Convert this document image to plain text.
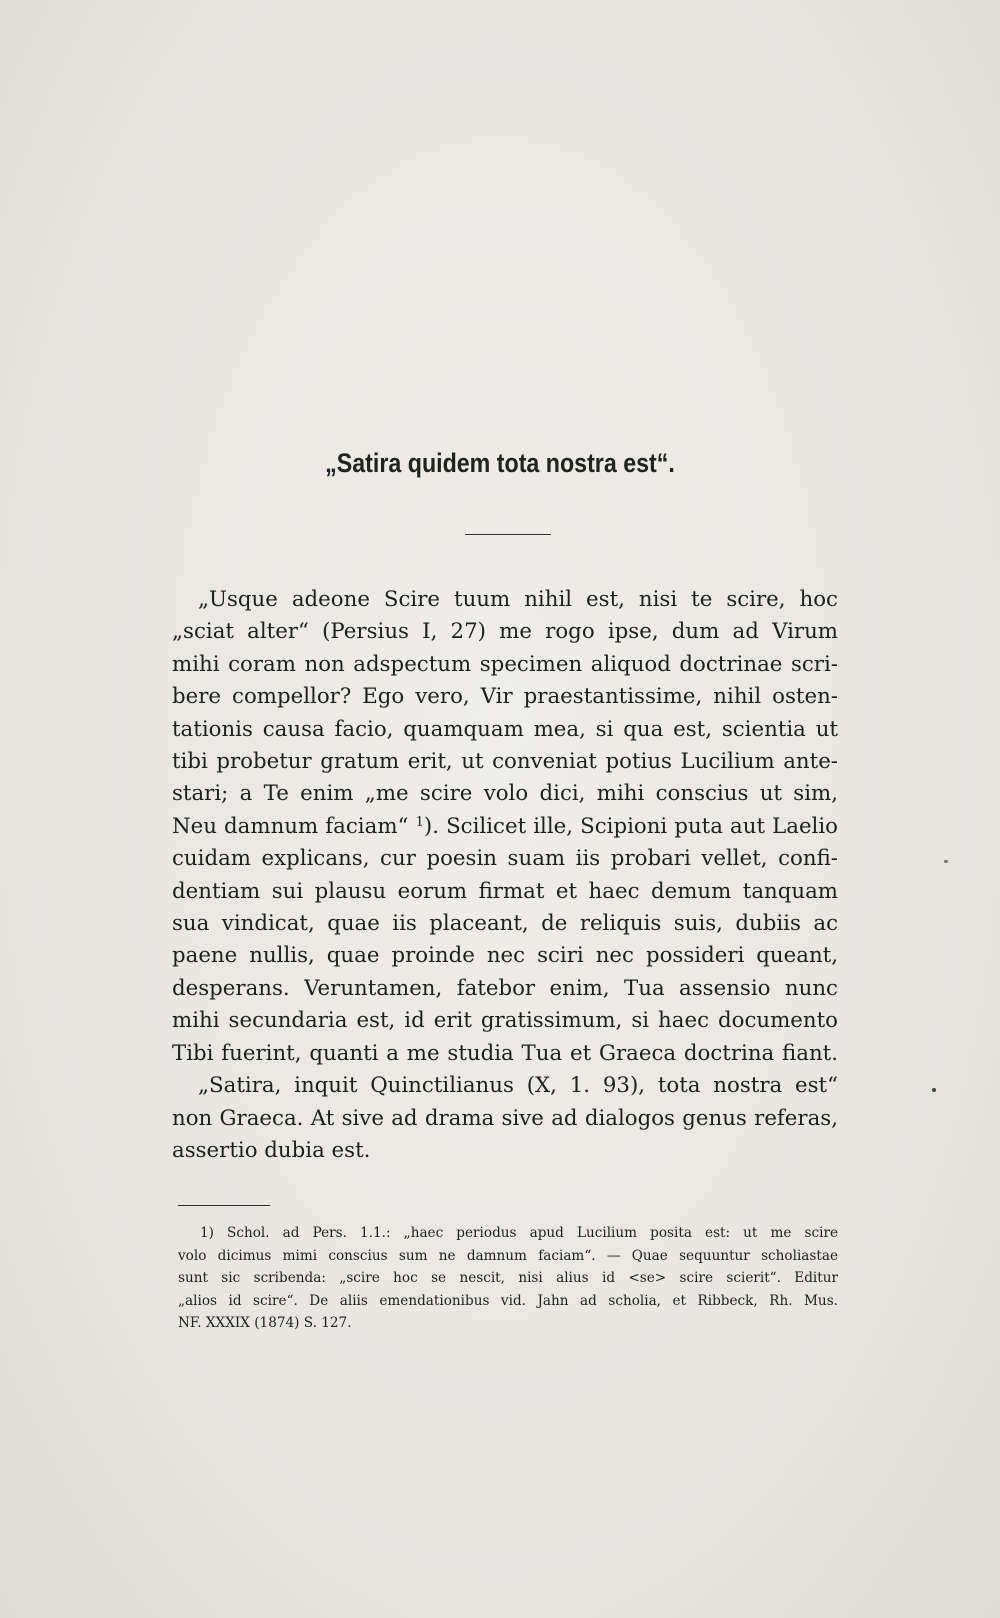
„Satira quidem tota nostra est“.
„Usque adeone Scire tuum nihil est, nisi te scire, hoc
„sciat alter“ (Persius I, 27) me rogo ipse, dum ad Virum
mihi coram non adspectum specimen aliquod doctrinae scri-
bere compellor? Ego vero, Vir praestantissime, nihil osten-
tationis causa facio, quamquam mea, si qua est, scientia ut
tibi probetur gratum erit, ut conveniat potius Lucilium ante-
stari; a Te enim „me scire volo dici, mihi conscius ut sim,
Neu damnum faciam“ $^1$). Scilicet ille, Scipioni puta aut Laelio
cuidam explicans, cur poesin suam iis probari vellet, confi-
dentiam sui plausu eorum firmat et haec demum tanquam
sua vindicat, quae iis placeant, de reliquis suis, dubiis ac
paene nullis, quae proinde nec sciri nec possideri queant,
desperans. Veruntamen, fatebor enim, Tua assensio nunc
mihi secundaria est, id erit gratissimum, si haec documento
Tibi fuerint, quanti a me studia Tua et Graeca doctrina fiant.
„Satira, inquit Quinctilianus (X, 1. 93), tota nostra est“
non Graeca. At sive ad drama sive ad dialogos genus referas,
assertio dubia est.
1) Schol. ad Pers. 1.1.: „haec periodus apud Lucilium posita est: ut me scire
volo dicimus mimi conscius sum ne damnum faciam“. — Quae sequuntur scholiastae
sunt sic scribenda: „scire hoc se nescit, nisi alius id <se> scire scierit“. Editur
„alios id scire“. De aliis emendationibus vid. Jahn ad scholia, et Ribbeck, Rh. Mus.
NF. XXXIX (1874) S. 127.
